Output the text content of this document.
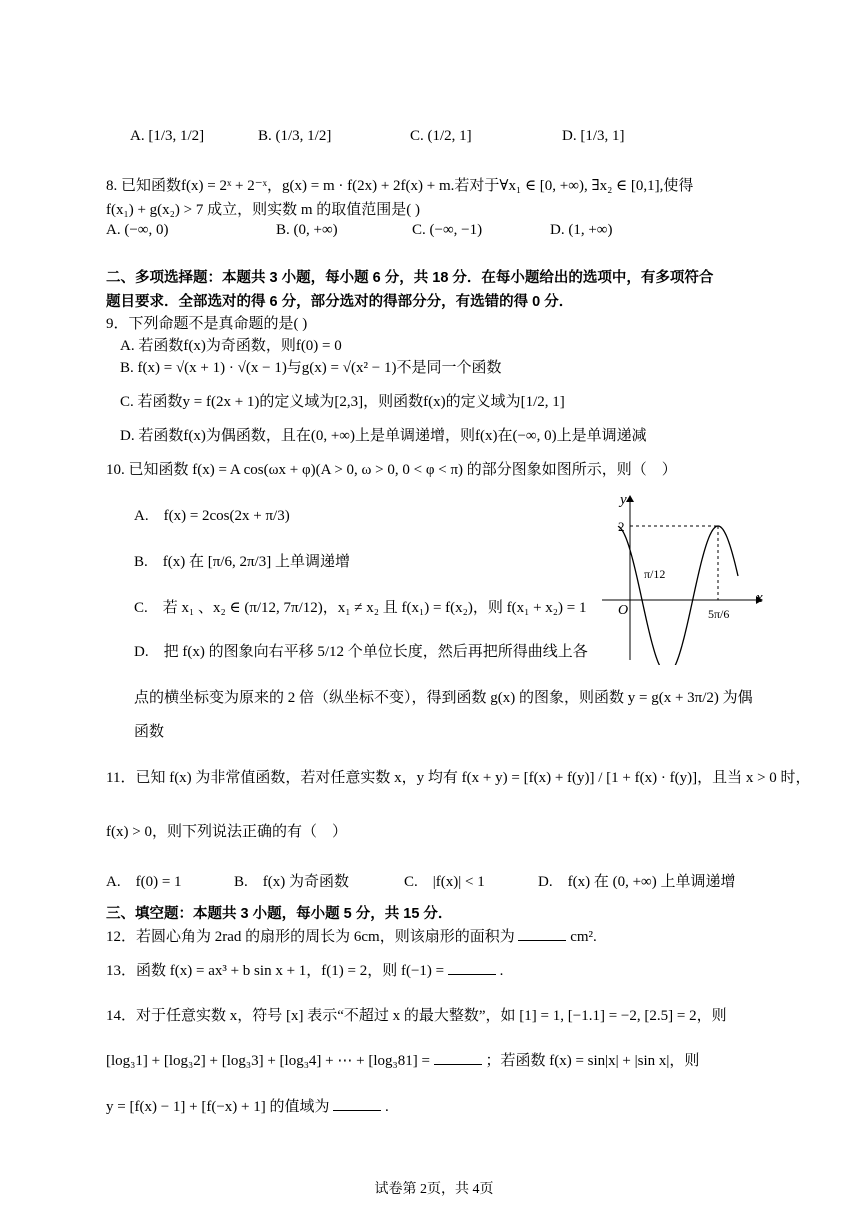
A. [1/3, 1/2]	B. (1/3, 1/2]	C. (1/2, 1]	D. [1/3, 1]
8. 已知函数f(x) = 2ˣ + 2⁻ˣ，g(x) = m · f(2x) + 2f(x) + m.若对于∀x₁ ∈ [0, +∞), ∃x₂ ∈ [0,1],使得
f(x₁) + g(x₂) > 7 成立，则实数 m 的取值范围是( )
A. (−∞, 0)	B. (0, +∞)	C. (−∞, −1)	D. (1, +∞)
二、多项选择题：本题共 3 小题，每小题 6 分，共 18 分．在每小题给出的选项中，有多项符合
题目要求．全部选对的得 6 分，部分选对的得部分分，有选错的得 0 分．
9．下列命题不是真命题的是( )
A. 若函数f(x)为奇函数，则f(0) = 0
B. f(x) = √(x + 1) · √(x − 1)与g(x) = √(x² − 1)不是同一个函数
C. 若函数y = f(2x + 1)的定义域为[2,3]，则函数f(x)的定义域为[1/2, 1]
D. 若函数f(x)为偶函数，且在(0, +∞)上是单调递增，则f(x)在(−∞, 0)上是单调递减
10. 已知函数 f(x) = A cos(ωx + φ)(A > 0, ω > 0, 0 < φ < π) 的部分图象如图所示，则（　）
A.　f(x) = 2cos(2x + π/3)
B.　f(x) 在 [π/6, 2π/3] 上单调递增
C.　若 x₁ 、x₂ ∈ (π/12, 7π/12)，x₁ ≠ x₂ 且 f(x₁) = f(x₂)，则 f(x₁ + x₂) = 1
D.　把 f(x) 的图象向右平移 5/12 个单位长度，然后再把所得曲线上各
点的横坐标变为原来的 2 倍（纵坐标不变），得到函数 g(x) 的图象，则函数 y = g(x + 3π/2) 为偶
函数
y
x
O
2
π/12
5π/6
11．已知 f(x) 为非常值函数，若对任意实数 x，y 均有 f(x + y) = [f(x) + f(y)] / [1 + f(x) · f(y)]，且当 x > 0 时，
f(x) > 0，则下列说法正确的有（　）
A.　f(0) = 1	B.　f(x) 为奇函数	C.　|f(x)| < 1	D.　f(x) 在 (0, +∞) 上单调递增
三、填空题：本题共 3 小题，每小题 5 分，共 15 分．
12．若圆心角为 2rad 的扇形的周长为 6cm，则该扇形的面积为	cm².
13．函数 f(x) = ax³ + b sin x + 1，f(1) = 2，则 f(−1) =	.
14．对于任意实数 x，符号 [x] 表示“不超过 x 的最大整数”，如 [1] = 1, [−1.1] = −2, [2.5] = 2，则
[log₃1] + [log₃2] + [log₃3] + [log₃4] + ⋯ + [log₃81] =	；若函数 f(x) = sin|x| + |sin x|，则
y = [f(x) − 1] + [f(−x) + 1] 的值域为	.
试卷第 2页，共 4页
